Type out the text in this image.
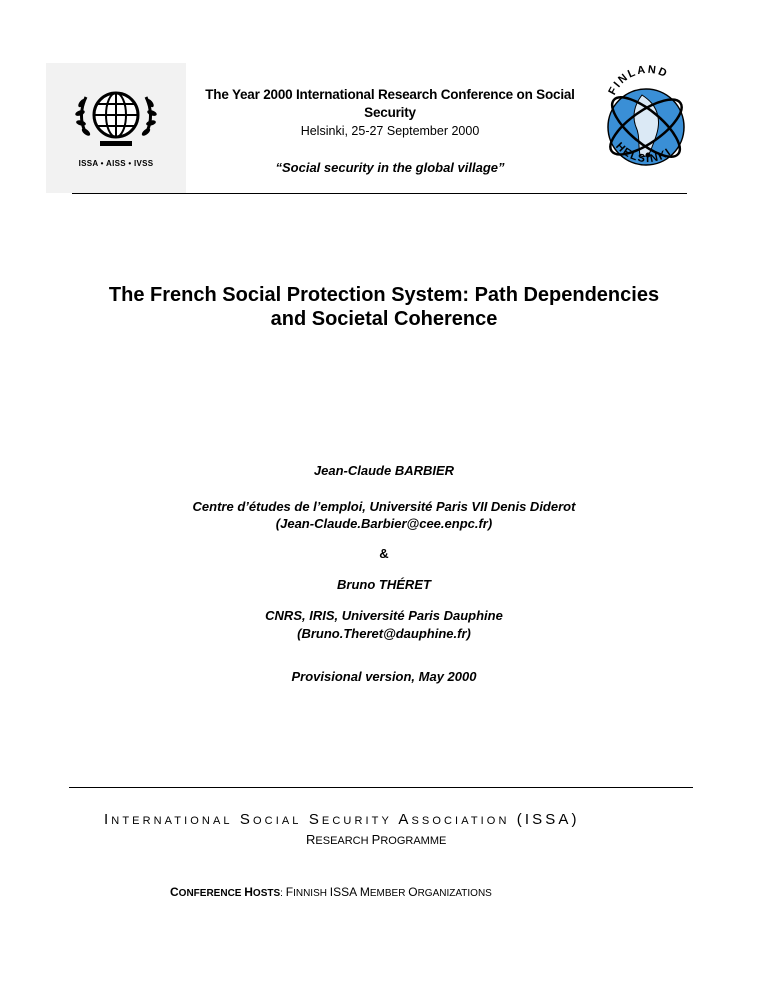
ISSA • AISS • IVSS
The Year 2000 International Research Conference on Social Security
Helsinki, 25-27 September 2000
“Social security in the global village”
FINLAND
HELSINKI
The French Social Protection System: Path Dependencies and Societal Coherence
Jean-Claude BARBIER
Centre d’études de l’emploi, Université Paris VII Denis Diderot
(Jean-Claude.Barbier@cee.enpc.fr)
&
Bruno THÉRET
CNRS, IRIS, Université Paris Dauphine
(Bruno.Theret@dauphine.fr)
Provisional version, May 2000
INTERNATIONAL SOCIAL SECURITY ASSOCIATION (ISSA)
RESEARCH PROGRAMME
CONFERENCE HOSTS: FINNISH ISSA MEMBER ORGANIZATIONS
